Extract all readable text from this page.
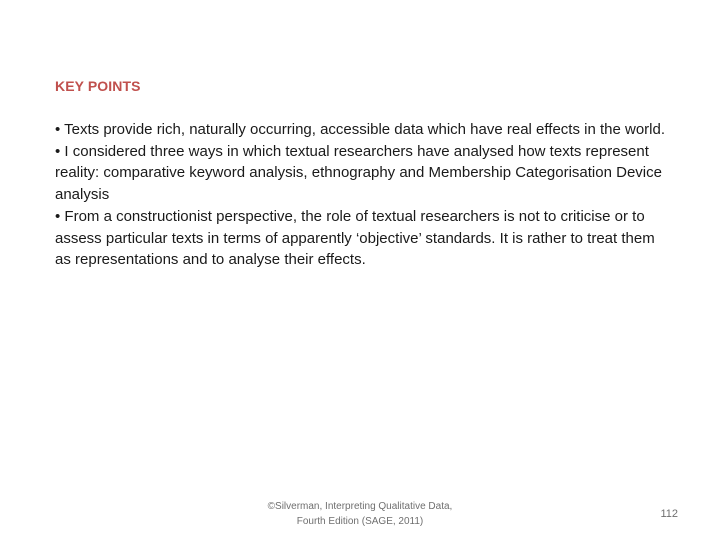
KEY POINTS

• Texts provide rich, naturally occurring, accessible data which have real effects in the world.

• I considered three ways in which textual researchers have analysed how texts represent reality: comparative keyword analysis, ethnography and Membership Categorisation Device analysis

• From a constructionist perspective, the role of textual researchers is not to criticise or to assess particular texts in terms of apparently ‘objective’ standards. It is rather to treat them as representations and to analyse their effects.

©Silverman, Interpreting Qualitative Data,
Fourth Edition (SAGE, 2011)
112
